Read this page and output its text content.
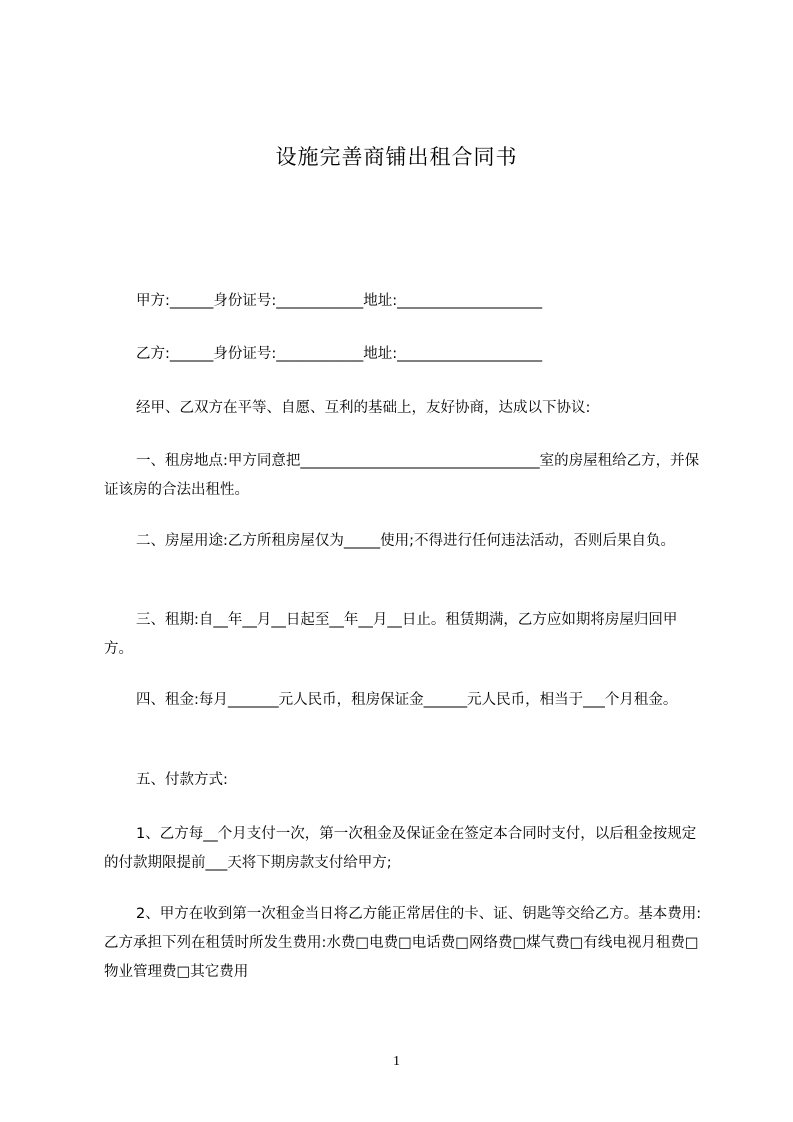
设施完善商铺出租合同书

甲方:______身份证号:____________地址:____________________

乙方:______身份证号:____________地址:____________________

经甲、乙双方在平等、自愿、互利的基础上，友好协商，达成以下协议:

一、租房地点:甲方同意把_________________________________室的房屋租给乙方，并保证该房的合法出租性。

二、房屋用途:乙方所租房屋仅为_____使用;不得进行任何违法活动，否则后果自负。

三、租期:自__年__月__日起至__年__月__日止。租赁期满，乙方应如期将房屋归回甲方。

四、租金:每月_______元人民币，租房保证金______元人民币，相当于___个月租金。

五、付款方式:

1、乙方每__个月支付一次，第一次租金及保证金在签定本合同时支付，以后租金按规定的付款期限提前___天将下期房款支付给甲方;

2、甲方在收到第一次租金当日将乙方能正常居住的卡、证、钥匙等交给乙方。基本费用:乙方承担下列在租赁时所发生费用:水费□电费□电话费□网络费□煤气费□有线电视月租费□物业管理费□其它费用

1
